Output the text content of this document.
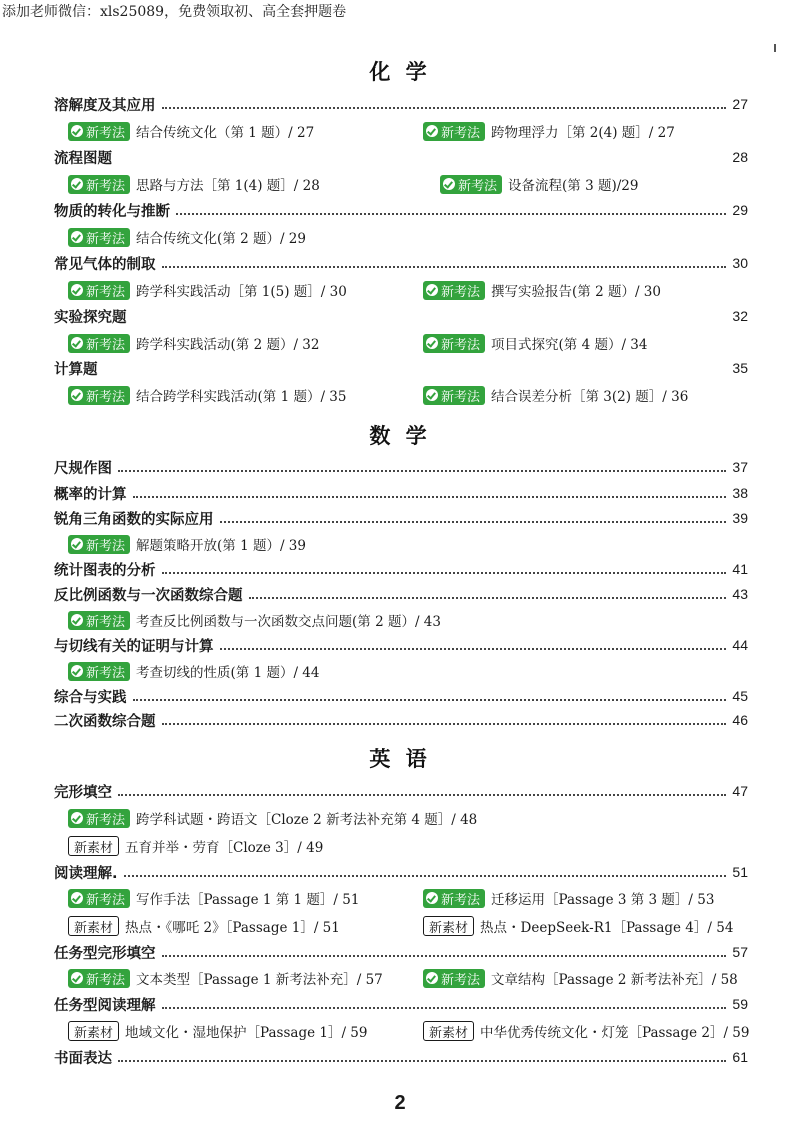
添加老师微信：xls25089，免费领取初、高全套押题卷
化 学
溶解度及其应用	27
新考法 结合传统文化（第 1 题）/ 27	新考法 跨物理浮力［第 2(4) 题］/ 27
流程图题	28
新考法 思路与方法［第 1(4) 题］/ 28	新考法 设备流程(第 3 题)/29
物质的转化与推断	29
新考法 结合传统文化(第 2 题）/ 29
常见气体的制取	30
新考法 跨学科实践活动［第 1(5) 题］/ 30	新考法 撰写实验报告(第 2 题）/ 30
实验探究题	32
新考法 跨学科实践活动(第 2 题）/ 32	新考法 项目式探究(第 4 题）/ 34
计算题	35
新考法 结合跨学科实践活动(第 1 题）/ 35	新考法 结合误差分析［第 3(2) 题］/ 36
数 学
尺规作图	37
概率的计算	38
锐角三角函数的实际应用	39
新考法 解题策略开放(第 1 题）/ 39
统计图表的分析	41
反比例函数与一次函数综合题	43
新考法 考查反比例函数与一次函数交点问题(第 2 题）/ 43
与切线有关的证明与计算	44
新考法 考查切线的性质(第 1 题）/ 44
综合与实践	45
二次函数综合题	46
英 语
完形填空	47
新考法 跨学科试题・跨语文［Cloze 2 新考法补充第 4 题］/ 48
新素材 五育并举・劳育［Cloze 3］/ 49
阅读理解.	51
新考法 写作手法［Passage 1 第 1 题］/ 51	新考法 迁移运用［Passage 3 第 3 题］/ 53
新素材 热点・《哪吒 2》［Passage 1］/ 51	新素材 热点・DeepSeek-R1［Passage 4］/ 54
任务型完形填空	57
新考法 文本类型［Passage 1 新考法补充］/ 57	新考法 文章结构［Passage 2 新考法补充］/ 58
任务型阅读理解	59
新素材 地域文化・湿地保护［Passage 1］/ 59	新素材 中华优秀传统文化・灯笼［Passage 2］/ 59
书面表达	61
2
